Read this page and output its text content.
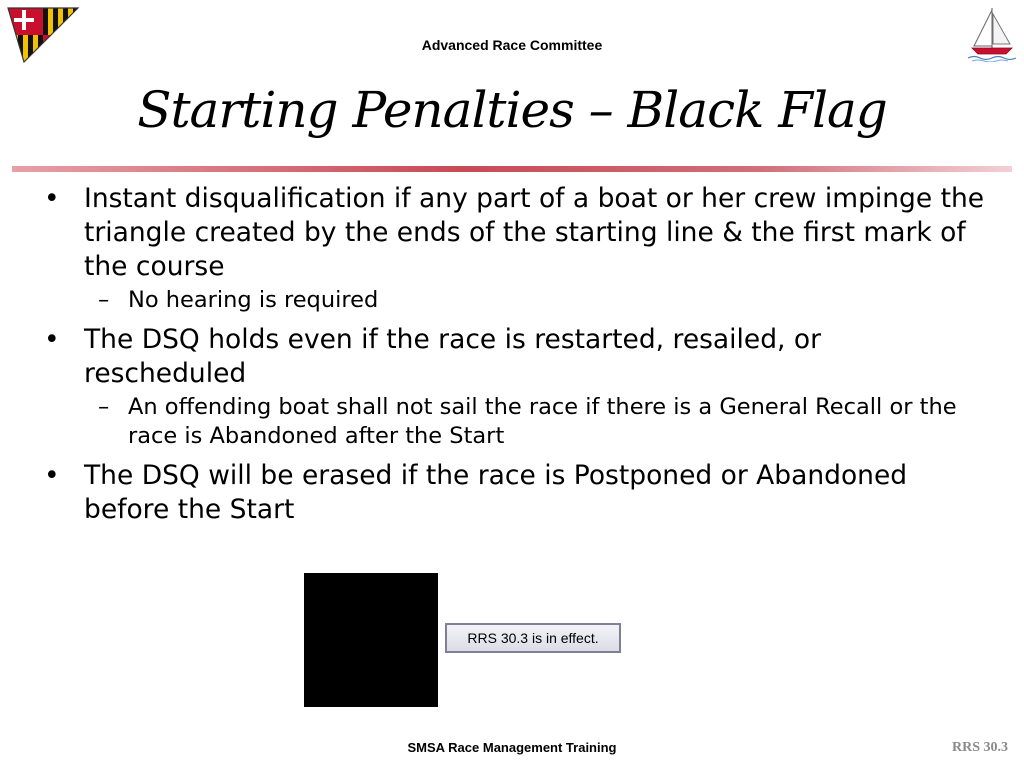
Advanced Race Committee
Starting Penalties – Black Flag
• Instant disqualification if any part of a boat or her crew impinge the triangle created by the ends of the starting line & the first mark of the course
– No hearing is required
• The DSQ holds even if the race is restarted, resailed, or rescheduled
– An offending boat shall not sail the race if there is a General Recall or the race is Abandoned after the Start
• The DSQ will be erased if the race is Postponed or Abandoned before the Start
RRS 30.3 is in effect.
SMSA Race Management Training	RRS 30.3
